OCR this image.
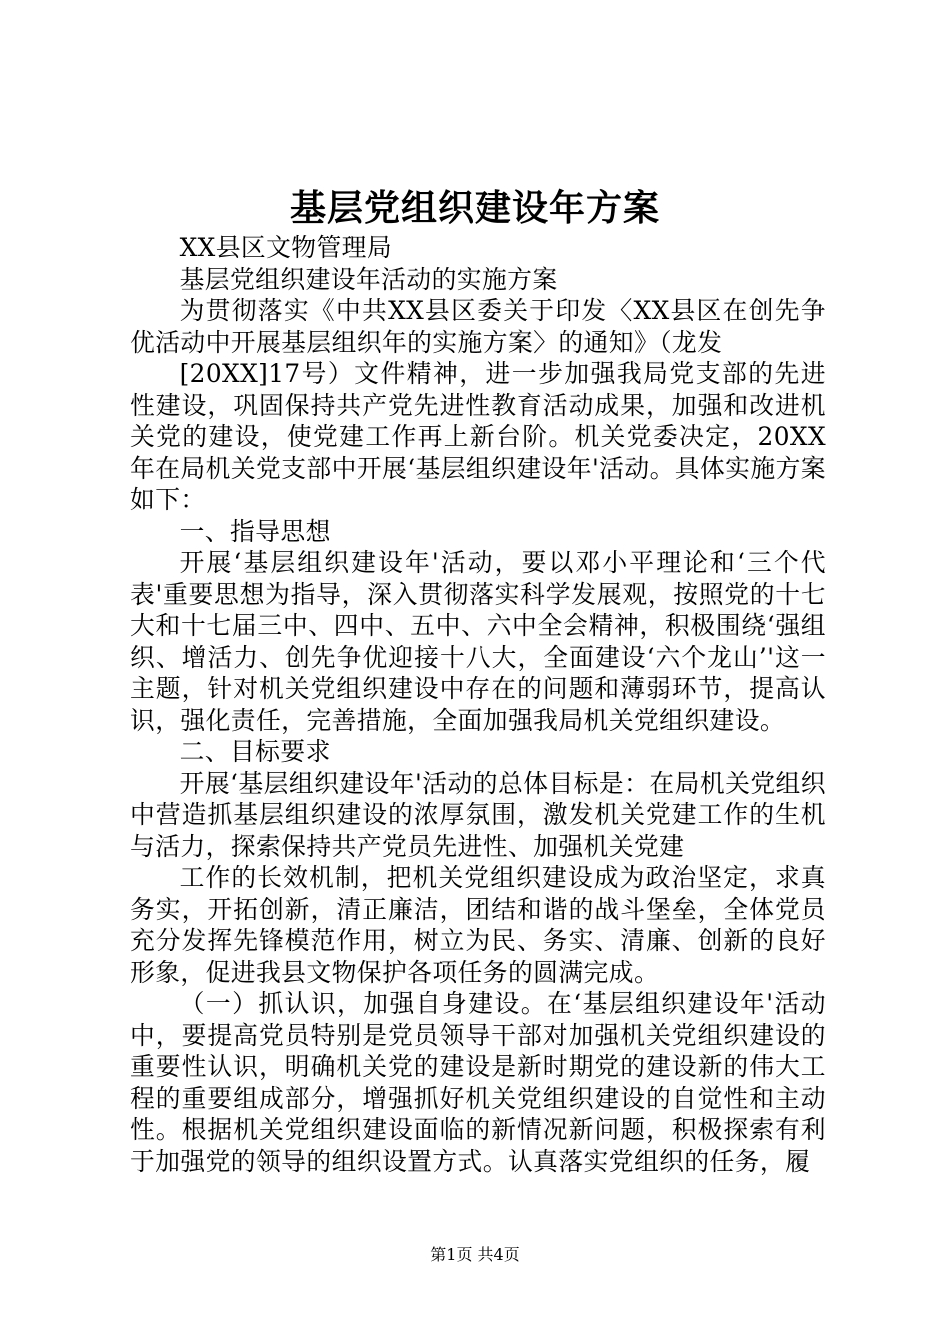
基层党组织建设年方案

XX县区文物管理局

基层党组织建设年活动的实施方案

为贯彻落实《中共XX县区委关于印发〈XX县区在创先争优活动中开展基层组织年的实施方案〉的通知》（龙发

[20XX]17号）文件精神，进一步加强我局党支部的先进性建设，巩固保持共产党先进性教育活动成果，加强和改进机关党的建设，使党建工作再上新台阶。机关党委决定，20XX年在局机关党支部中开展‘基层组织建设年'活动。具体实施方案如下：

一、指导思想

开展‘基层组织建设年'活动，要以邓小平理论和‘三个代表'重要思想为指导，深入贯彻落实科学发展观，按照党的十七大和十七届三中、四中、五中、六中全会精神，积极围绕‘强组织、增活力、创先争优迎接十八大，全面建设‘六个龙山’'这一主题，针对机关党组织建设中存在的问题和薄弱环节，提高认识，强化责任，完善措施，全面加强我局机关党组织建设。

二、目标要求

开展‘基层组织建设年'活动的总体目标是：在局机关党组织中营造抓基层组织建设的浓厚氛围，激发机关党建工作的生机与活力，探索保持共产党员先进性、加强机关党建

工作的长效机制，把机关党组织建设成为政治坚定，求真务实，开拓创新，清正廉洁，团结和谐的战斗堡垒，全体党员充分发挥先锋模范作用，树立为民、务实、清廉、创新的良好形象，促进我县文物保护各项任务的圆满完成。

（一）抓认识，加强自身建设。在‘基层组织建设年'活动中，要提高党员特别是党员领导干部对加强机关党组织建设的重要性认识，明确机关党的建设是新时期党的建设新的伟大工程的重要组成部分，增强抓好机关党组织建设的自觉性和主动性。根据机关党组织建设面临的新情况新问题，积极探索有利于加强党的领导的组织设置方式。认真落实党组织的任务，履

第1页 共4页
